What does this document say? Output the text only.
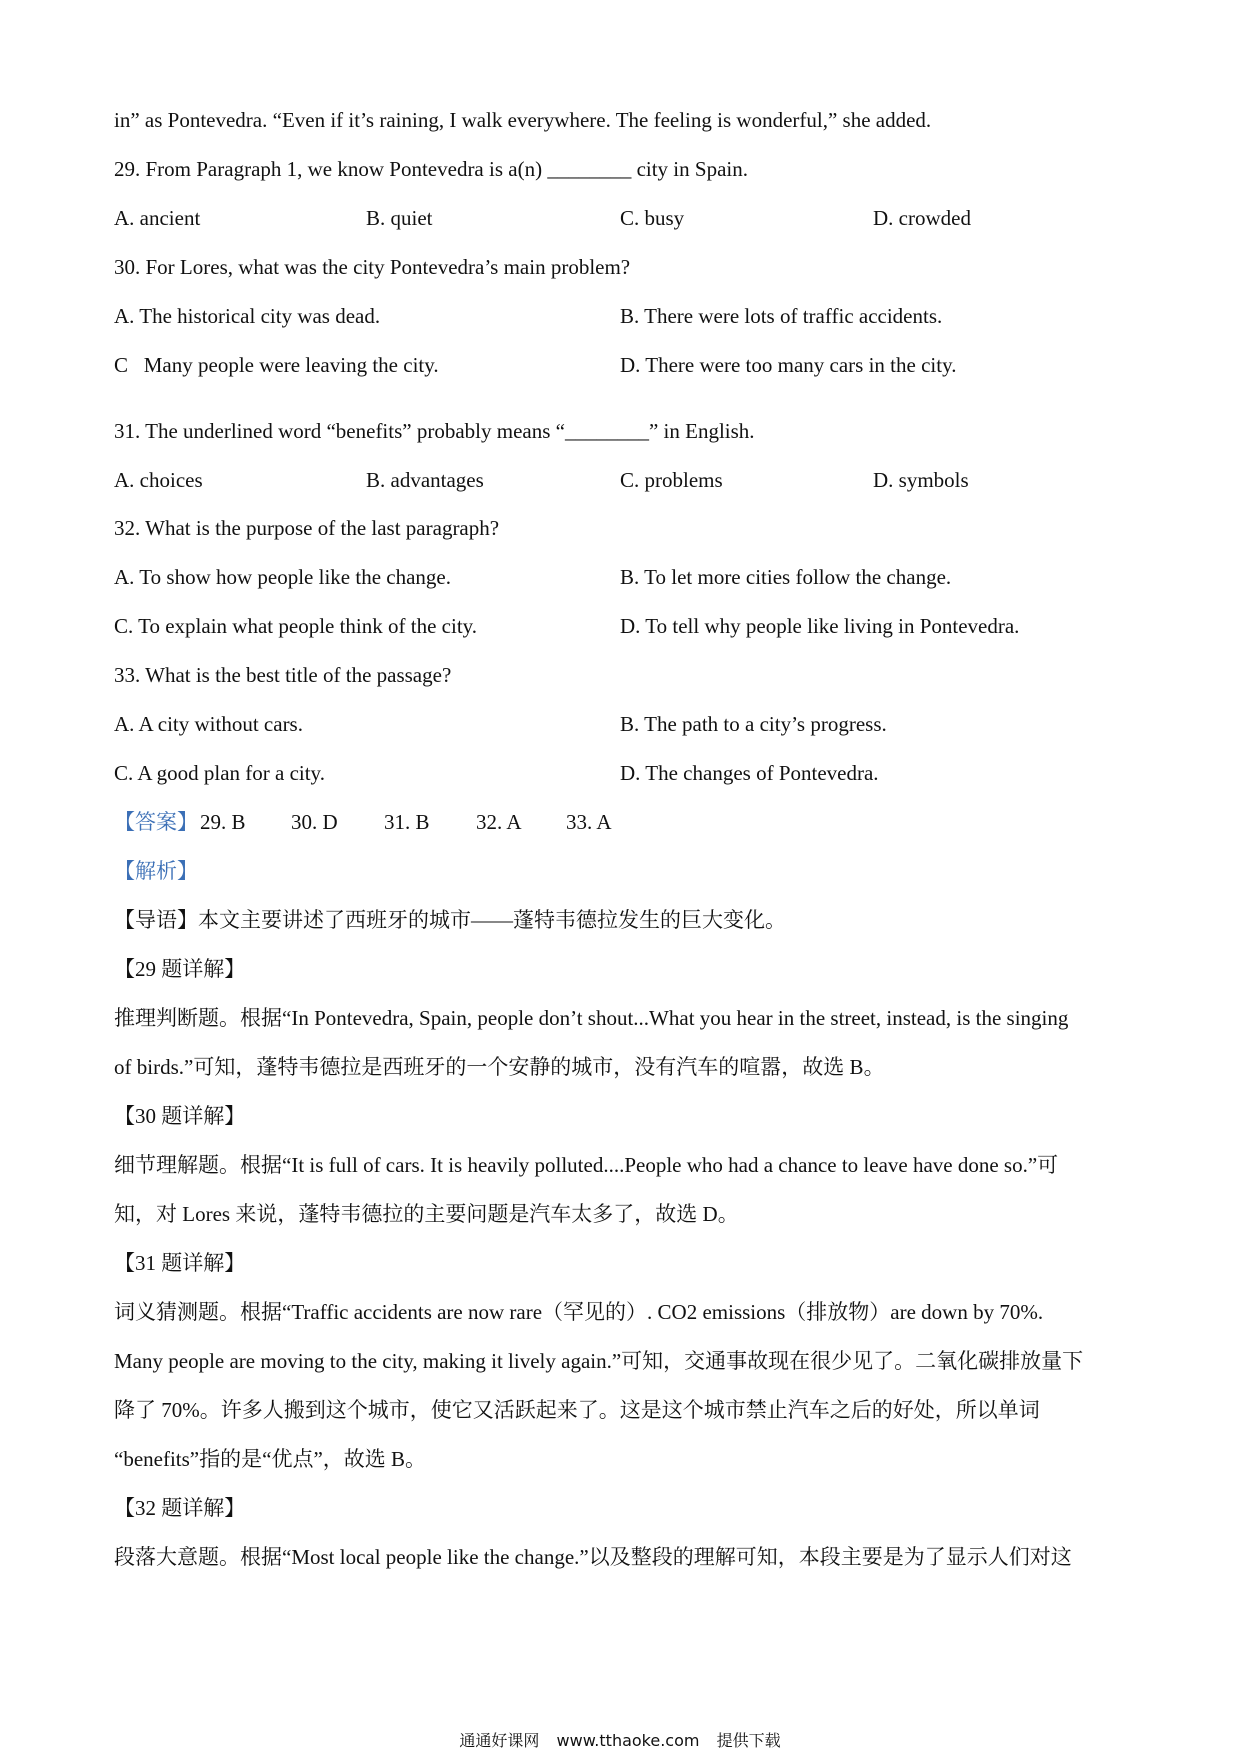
in” as Pontevedra. “Even if it’s raining, I walk everywhere. The feeling is wonderful,” she added.
29. From Paragraph 1, we know Pontevedra is a(n) ________ city in Spain.
A. ancient	B. quiet	C. busy	D. crowded
30. For Lores, what was the city Pontevedra’s main problem?
A. The historical city was dead.	B. There were lots of traffic accidents.
C   Many people were leaving the city.	D. There were too many cars in the city.
31. The underlined word “benefits” probably means “________” in English.
A. choices	B. advantages	C. problems	D. symbols
32. What is the purpose of the last paragraph?
A. To show how people like the change.	B. To let more cities follow the change.
C. To explain what people think of the city.	D. To tell why people like living in Pontevedra.
33. What is the best title of the passage?
A. A city without cars.	B. The path to a city’s progress.
C. A good plan for a city.	D. The changes of Pontevedra.
【答案】 29. B 30. D 31. B 32. A 33. A
【解析】
【导语】本文主要讲述了西班牙的城市——蓬特韦德拉发生的巨大变化。
【29 题详解】
推理判断题。根据“In Pontevedra, Spain, people don’t shout...What you hear in the street, instead, is the singing
of birds.”可知，蓬特韦德拉是西班牙的一个安静的城市，没有汽车的喧嚣，故选 B。
【30 题详解】
细节理解题。根据“It is full of cars. It is heavily polluted....People who had a chance to leave have done so.”可
知，对 Lores 来说，蓬特韦德拉的主要问题是汽车太多了，故选 D。
【31 题详解】
词义猜测题。根据“Traffic accidents are now rare（罕见的）. CO2 emissions（排放物）are down by 70%.
Many people are moving to the city, making it lively again.”可知，交通事故现在很少见了。二氧化碳排放量下
降了 70%。许多人搬到这个城市，使它又活跃起来了。这是这个城市禁止汽车之后的好处，所以单词
“benefits”指的是“优点”，故选 B。
【32 题详解】
段落大意题。根据“Most local people like the change.”以及整段的理解可知，本段主要是为了显示人们对这
通通好课网 www.tthaoke.com 提供下载
